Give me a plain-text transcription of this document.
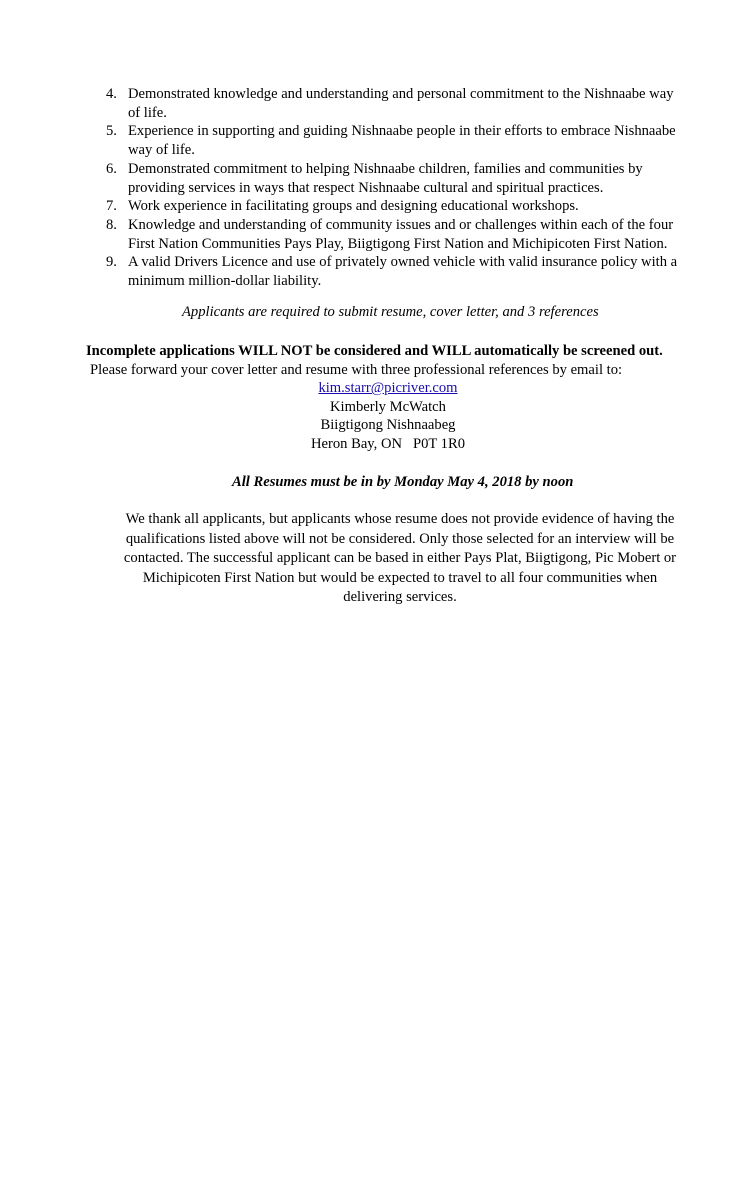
4. Demonstrated knowledge and understanding and personal commitment to the Nishnaabe way of life.
5. Experience in supporting and guiding Nishnaabe people in their efforts to embrace Nishnaabe way of life.
6. Demonstrated commitment to helping Nishnaabe children, families and communities by providing services in ways that respect Nishnaabe cultural and spiritual practices.
7. Work experience in facilitating groups and designing educational workshops.
8. Knowledge and understanding of community issues and or challenges within each of the four First Nation Communities Pays Play, Biigtigong First Nation and Michipicoten First Nation.
9. A valid Drivers Licence and use of privately owned vehicle with valid insurance policy with a minimum million-dollar liability.
Applicants are required to submit resume, cover letter, and 3 references
Incomplete applications WILL NOT be considered and WILL automatically be screened out.
Please forward your cover letter and resume with three professional references by email to:
kim.starr@picriver.com
Kimberly McWatch
Biigtigong Nishnaabeg
Heron Bay, ON   P0T 1R0
All Resumes must be in by Monday May 4, 2018 by noon

We thank all applicants, but applicants whose resume does not provide evidence of having the qualifications listed above will not be considered. Only those selected for an interview will be contacted. The successful applicant can be based in either Pays Plat, Biigtigong, Pic Mobert or Michipicoten First Nation but would be expected to travel to all four communities when delivering services.
